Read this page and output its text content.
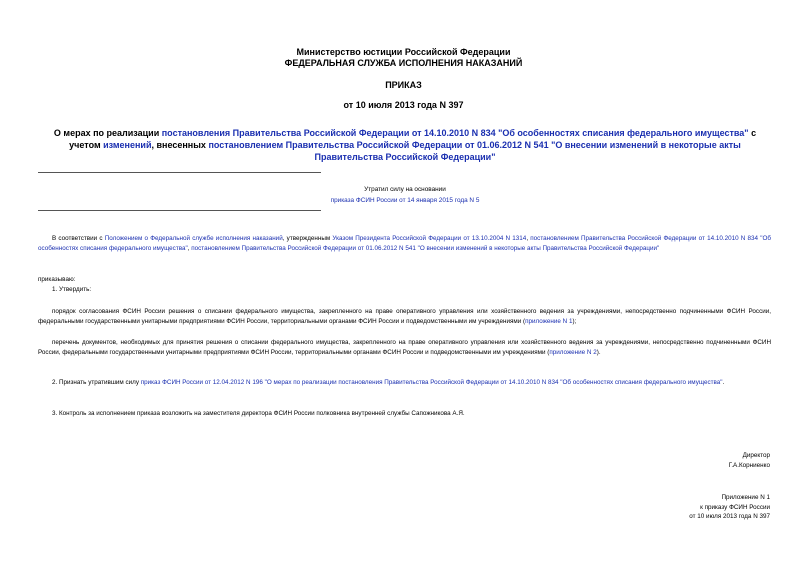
Министерство юстиции Российской Федерации
ФЕДЕРАЛЬНАЯ СЛУЖБА ИСПОЛНЕНИЯ НАКАЗАНИЙ
ПРИКАЗ
от 10 июля 2013 года N 397
О мерах по реализации постановления Правительства Российской Федерации от 14.10.2010 N 834 "Об особенностях списания федерального имущества" с учетом изменений, внесенных постановлением Правительства Российской Федерации от 01.06.2012 N 541 "О внесении изменений в некоторые акты Правительства Российской Федерации"
Утратил силу на основании
приказа ФСИН России от 14 января 2015 года N 5
В соответствии с Положением о Федеральной службе исполнения наказаний, утвержденным Указом Президента Российской Федерации от 13.10.2004 N 1314, постановлением Правительства Российской Федерации от 14.10.2010 N 834 "Об особенностях списания федерального имущества", постановлением Правительства Российской Федерации от 01.06.2012 N 541 "О внесении изменений в некоторые акты Правительства Российской Федерации"
приказываю:
1. Утвердить:
порядок согласования ФСИН России решения о списании федерального имущества, закрепленного на праве оперативного управления или хозяйственного ведения за учреждениями, непосредственно подчиненными ФСИН России, федеральными государственными унитарными предприятиями ФСИН России, территориальными органами ФСИН России и подведомственными им учреждениями (приложение N 1);
перечень документов, необходимых для принятия решения о списании федерального имущества, закрепленного на праве оперативного управления или хозяйственного ведения за учреждениями, непосредственно подчиненными ФСИН России, федеральными государственными унитарными предприятиями ФСИН России, территориальными органами ФСИН России и подведомственными им учреждениями (приложение N 2).
2. Признать утратившим силу приказ ФСИН России от 12.04.2012 N 196 "О мерах по реализации постановления Правительства Российской Федерации от 14.10.2010 N 834 "Об особенностях списания федерального имущества".
3. Контроль за исполнением приказа возложить на заместителя директора ФСИН России полковника внутренней службы Сапожникова А.Я.
Директор
Г.А.Корниенко
Приложение N 1
к приказу ФСИН России
от 10 июля 2013 года N 397
